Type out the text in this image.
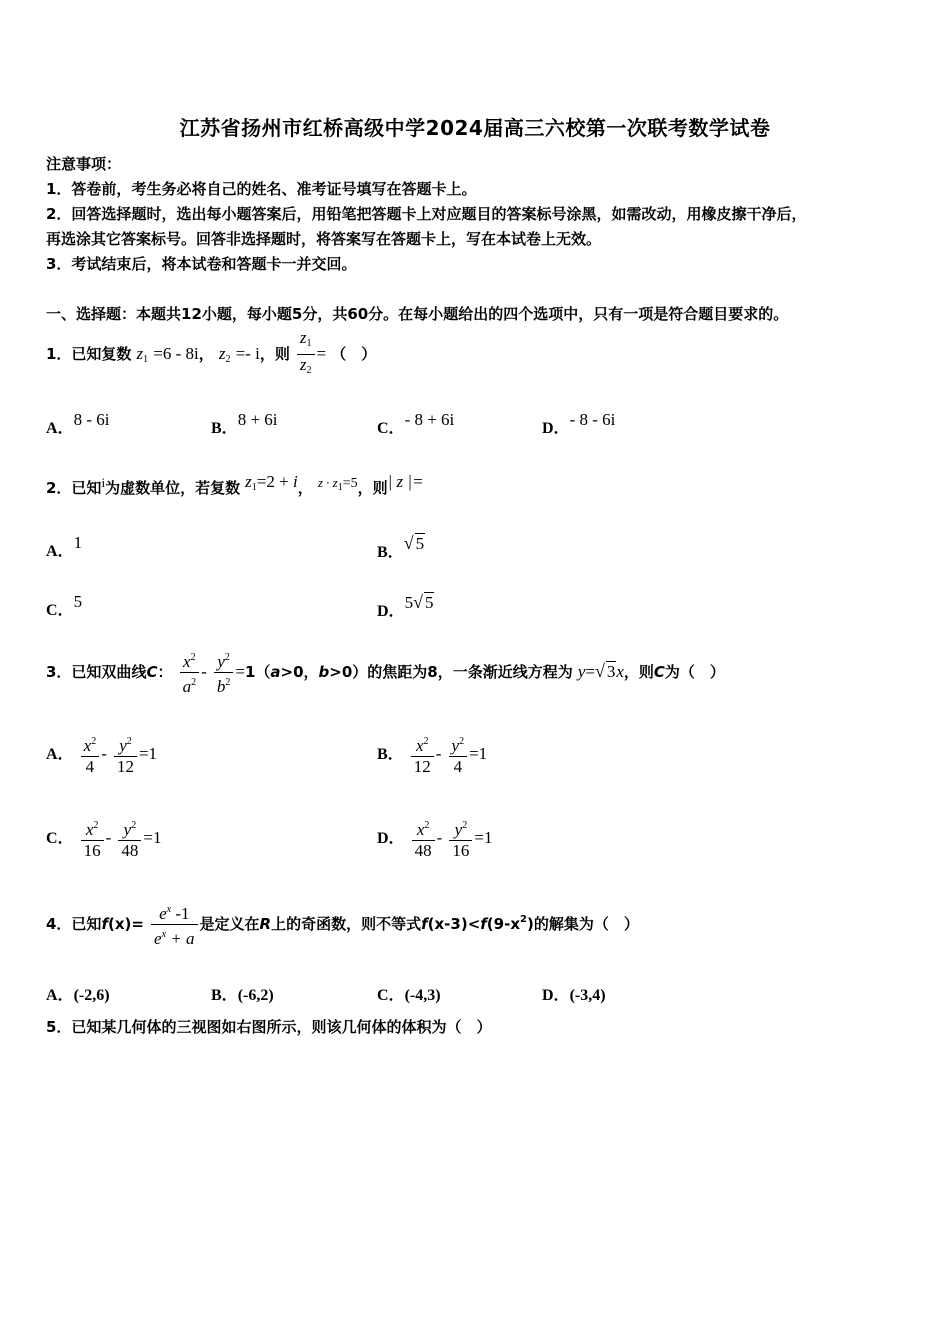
江苏省扬州市红桥高级中学2024届高三六校第一次联考数学试卷
注意事项：
1．答卷前，考生务必将自己的姓名、准考证号填写在答题卡上。
2．回答选择题时，选出每小题答案后，用铅笔把答题卡上对应题目的答案标号涂黑，如需改动，用橡皮擦干净后，
再选涂其它答案标号。回答非选择题时，将答案写在答题卡上，写在本试卷上无效。
3．考试结束后，将本试卷和答题卡一并交回。
一、选择题：本题共12小题，每小题5分，共60分。在每小题给出的四个选项中，只有一项是符合题目要求的。
1．已知复数 $z_1 =6 - 8i$， $z_2 =- i$，则 $\frac{z_1}{z_2}$ = （　）
A．8 - 6i	B．8 + 6i	C．- 8 + 6i	D．- 8 - 6i
2．已知$^i$为虚数单位，若复数 $z^1=2 + i$， $^{z \cdot z1}$=5，则| z |=
A．1
B．√ 5
C．5
D．5√ 5
3．已知双曲线C： $\frac{x^2}{a^2} - \frac{y^2}{b^2} =1(a>0$，b>0）的焦距为8，一条渐近线方程为 y=√ 3x，则C为（　）
A． $\frac{x^2}{4} - \frac{y^2}{12} =1$	B． $\frac{x^2}{12} - \frac{y^2}{4} =1$
C． $\frac{x^2}{16} - \frac{y^2}{48} =1$	D． $\frac{x^2}{48} - \frac{y^2}{16} =1$
4．已知$f(x)= \frac{e^x -1}{e^x + a}$ 是定义在R上的奇函数，则不等式$f(x-3)<f(9-x^2)$的解集为（　）
A．(-2,6)	B．(-6,2)	C．(-4,3)	D．(-3,4)
5．已知某几何体的三视图如右图所示，则该几何体的体积为（　）
